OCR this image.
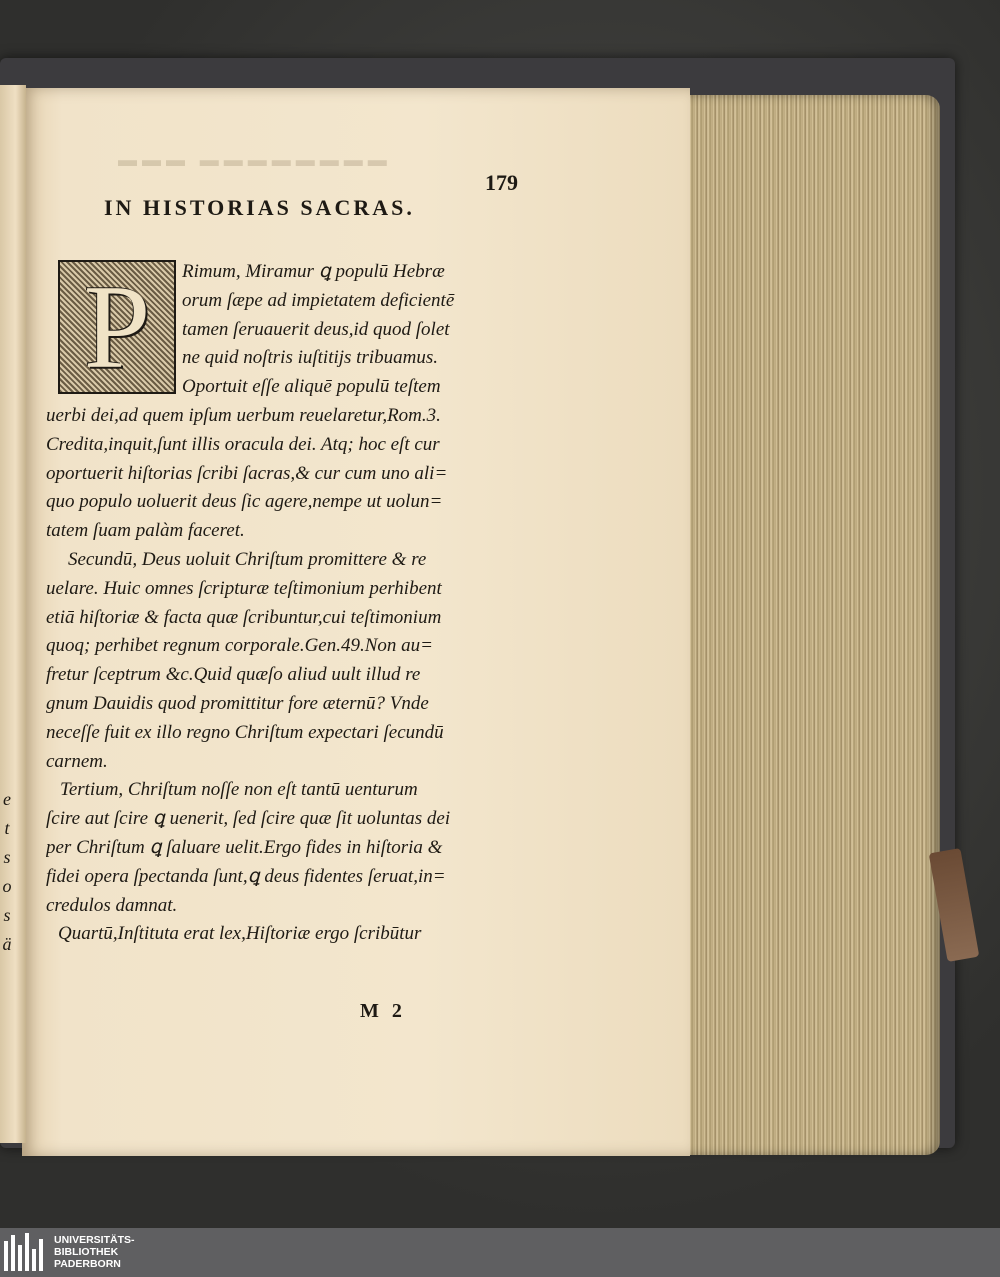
e
t
s
o
s
ä
▬▬▬ ▬▬▬▬▬▬▬▬
179
IN HISTORIAS SACRAS.
P	Rimum, Miramur ꝗ populū Hebræ
orum ſæpe ad impietatem deficientē
tamen ſeruauerit deus,id quod ſolet
ne quid noſtris iuſtitijs tribuamus.
Oportuit eſſe aliquē populū teſtem
uerbi dei,ad quem ipſum uerbum reuelaretur,Rom.3.
Credita,inquit,ſunt illis oracula dei. Atq; hoc eſt cur
oportuerit hiſtorias ſcribi ſacras,& cur cum uno ali=
quo populo uoluerit deus ſic agere,nempe ut uolun=
tatem ſuam palàm faceret.
Secundū, Deus uoluit Chriſtum promittere & re
uelare. Huic omnes ſcripturæ teſtimonium perhibent
etiā hiſtoriæ & facta quæ ſcribuntur,cui teſtimonium
quoq; perhibet regnum corporale.Gen.49.Non au=
fretur ſceptrum &c.Quid quæſo aliud uult illud re
gnum Dauidis quod promittitur fore æternū? Vnde
neceſſe fuit ex illo regno Chriſtum expectari ſecundū
carnem.
Tertium, Chriſtum noſſe non eſt tantū uenturum
ſcire aut ſcire ꝗ uenerit, ſed ſcire quæ ſit uoluntas dei
per Chriſtum ꝗ ſaluare uelit.Ergo fides in hiſtoria &
fidei opera ſpectanda ſunt,ꝗ deus fidentes ſeruat,in=
credulos damnat.
Quartū,Inſtituta erat lex,Hiſtoriæ ergo ſcribūtur
M 2
UNIVERSITÄTS-
BIBLIOTHEK
PADERBORN
